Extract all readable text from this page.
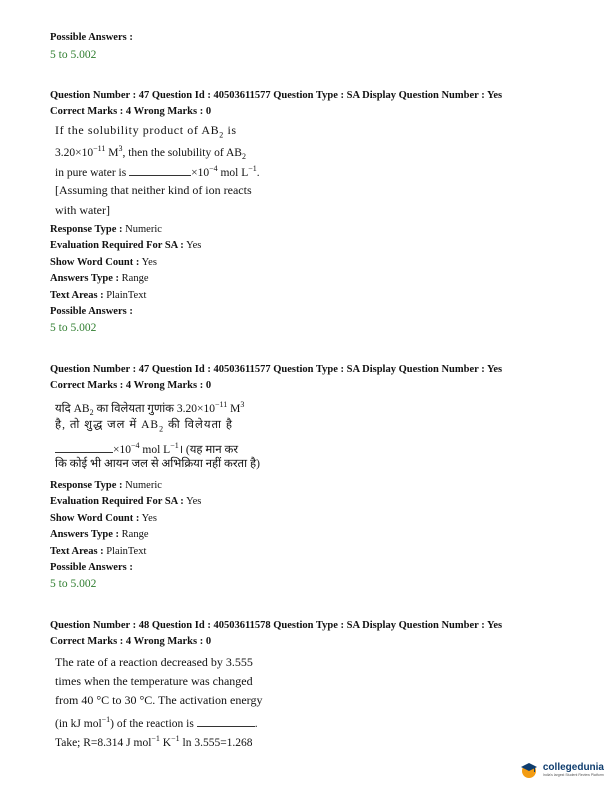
Possible Answers :
5 to 5.002
Question Number : 47 Question Id : 40503611577 Question Type : SA Display Question Number : Yes
Correct Marks : 4 Wrong Marks : 0
If the solubility product of $AB_2$ is
$3.20\times 10^{-11}$ $M^3$, then the solubility of $AB_2$
in pure water is	$\times 10^{-4}$ mol $L^{-1}$.
[Assuming that neither kind of ion reacts
with water]
Response Type : Numeric
Evaluation Required For SA : Yes
Show Word Count : Yes
Answers Type : Range
Text Areas : PlainText
Possible Answers :
5 to 5.002
Question Number : 47 Question Id : 40503611577 Question Type : SA Display Question Number : Yes
Correct Marks : 4 Wrong Marks : 0
यदि $AB_2$ का विलेयता गुणांक $3.20\times 10^{-11}$ $M^3$
है, तो शुद्ध जल में $AB_2$ की विलेयता है
$\times 10^{-4}$ mol $L^{-1}।$ (यह मान कर
कि कोई भी आयन जल से अभिक्रिया नहीं करता है)
Response Type : Numeric
Evaluation Required For SA : Yes
Show Word Count : Yes
Answers Type : Range
Text Areas : PlainText
Possible Answers :
5 to 5.002
Question Number : 48 Question Id : 40503611578 Question Type : SA Display Question Number : Yes
Correct Marks : 4 Wrong Marks : 0
The rate of a reaction decreased by 3.555
times when the temperature was changed
from 40 °C to 30 °C. The activation energy
(in kJ mol$^{-1}$) of the reaction is	.
Take; R=8.314 J mol$^{-1}$ $K^{-1}$ ln 3.555=1.268
collegedunia
India's largest Student Review Platform
